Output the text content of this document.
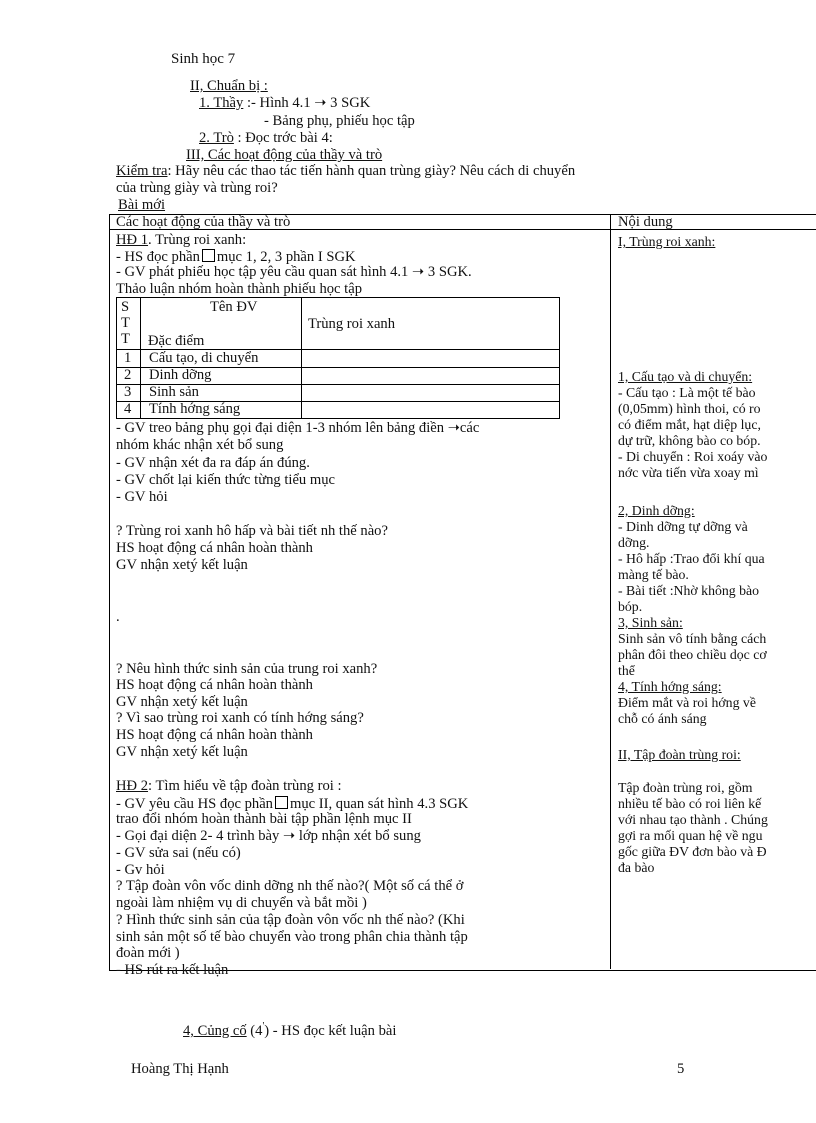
Sinh học 7
II, Chuẩn bị :
1. Thầy :- Hình 4.1 ➝ 3 SGK
- Bảng phụ, phiếu học tập
2. Trò : Đọc trớc bài 4:
III, Các hoạt động của thầy và trò
Kiểm tra: Hãy nêu các thao tác tiến hành quan trùng giày? Nêu cách di chuyển
của trùng giày và trùng roi?
Bài mới
Các hoạt động của thầy và trò	Nội dung
HĐ 1. Trùng roi xanh:
- HS đọc phần mục 1, 2, 3 phần I SGK
- GV phát phiếu học tập yêu cầu quan sát hình 4.1 ➝ 3 SGK.
Thảo luận nhóm hoàn thành phiếu học tập
S
T
T
Tên ĐV
Đặc điểm
Trùng roi xanh
1 Cấu tạo, di chuyển
2 Dinh dỡng
3 Sinh sản
4 Tính hớng sáng
- GV treo bảng phụ gọi đại diện 1-3 nhóm lên bảng điền ➝các
nhóm khác nhận xét bổ sung
- GV nhận xét đa ra đáp án đúng.
- GV chốt lại kiến thức từng tiểu mục
- GV hỏi
? Trùng roi xanh hô hấp và bài tiết nh thế nào?
HS hoạt động cá nhân hoàn thành
GV nhận xetý kết luận
.
? Nêu hình thức sinh sản của trung roi xanh?
HS hoạt động cá nhân hoàn thành
GV nhận xetý kết luận
? Vì sao trùng roi xanh có tính hớng sáng?
HS hoạt động cá nhân hoàn thành
GV nhận xetý kết luận
HĐ 2: Tìm hiểu về tập đoàn trùng roi :
- GV yêu cầu HS đọc phần mục II, quan sát hình 4.3 SGK
trao đổi nhóm hoàn thành bài tập phần lệnh mục II
- Gọi đại diện 2- 4 trình bày ➝ lớp nhận xét bổ sung
- GV sửa sai (nếu có)
- Gv hỏi
? Tập đoàn vôn vốc dinh dỡng nh thế nào?( Một số cá thể ở
ngoài làm nhiệm vụ di chuyển và bắt mồi )
? Hình thức sinh sản của tập đoàn vôn vốc nh thế nào? (Khi
sinh sản một số tế bào chuyển vào trong phân chia thành tập
đoàn mới )
- HS rút ra kết luận
I, Trùng roi xanh:
1, Cấu tạo và di chuyển:
- Cấu tạo : Là một tế bào
(0,05mm) hình thoi, có ro
có điểm mắt, hạt diệp lục,
dự trữ, không bào co bóp.
- Di chuyển : Roi xoáy vào
nớc vừa tiến vừa xoay mì
2, Dinh dỡng:
- Dinh dỡng tự dỡng và
dỡng.
- Hô hấp :Trao đổi khí qua
màng tế bào.
- Bài tiết :Nhờ không bào
bóp.
3, Sinh sản:
Sinh sản vô tính bằng cách
phân đôi theo chiều dọc cơ
thể
4, Tính hớng sáng:
Điểm mắt và roi hớng về
chỗ có ánh sáng
II, Tập đoàn trùng roi:
Tập đoàn trùng roi, gồm
nhiều tế bào có roi liên kế
với nhau tạo thành . Chúng
gợi ra mối quan hệ về ngu
gốc giữa ĐV đơn bào và Đ
đa bào
4, Củng cố (4') - HS đọc kết luận bài
Hoàng Thị Hạnh	5
